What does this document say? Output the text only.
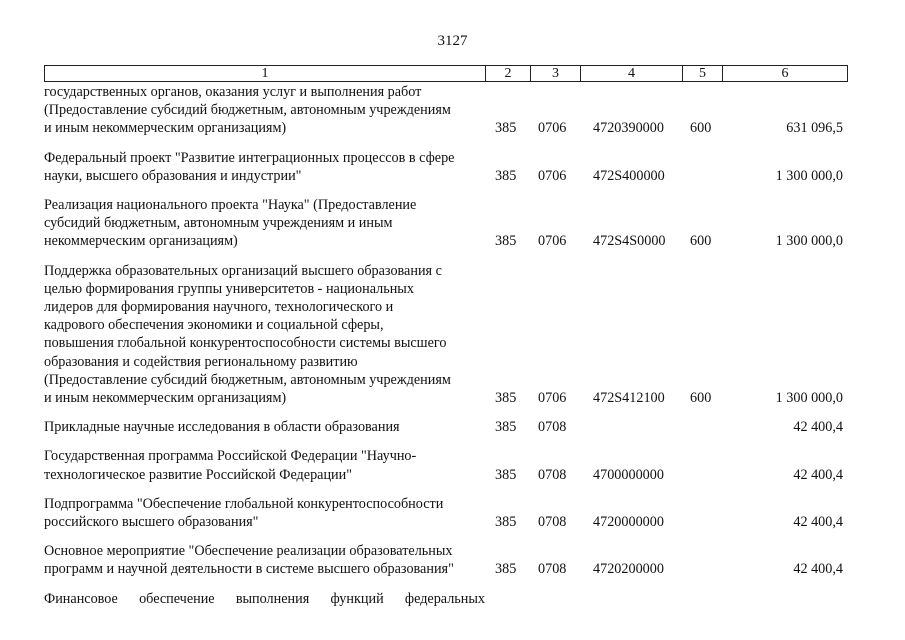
3127
1	2	3	4	5	6
государственных органов, оказания услуг и выполнения работ
(Предоставление субсидий бюджетным, автономным учреждениям
и иным некоммерческим организациям)	385 0706 4720390000 600	631 096,5
Федеральный проект "Развитие интеграционных процессов в сфере
науки, высшего образования и индустрии"	385 0706 472S400000	1 300 000,0
Реализация национального проекта "Наука" (Предоставление
субсидий бюджетным, автономным учреждениям и иным
некоммерческим организациям)	385 0706 472S4S0000 600	1 300 000,0
Поддержка образовательных организаций высшего образования с
целью формирования группы университетов - национальных
лидеров для формирования научного, технологического и
кадрового обеспечения экономики и социальной сферы,
повышения глобальной конкурентоспособности системы высшего
образования и содействия региональному развитию
(Предоставление субсидий бюджетным, автономным учреждениям
и иным некоммерческим организациям)	385 0706 472S412100 600	1 300 000,0
Прикладные научные исследования в области образования	385 0708	42 400,4
Государственная программа Российской Федерации "Научно-
технологическое развитие Российской Федерации"	385 0708 4700000000	42 400,4
Подпрограмма "Обеспечение глобальной конкурентоспособности
российского высшего образования"	385 0708 4720000000	42 400,4
Основное мероприятие "Обеспечение реализации образовательных
программ и научной деятельности в системе высшего образования"	385 0708 4720200000	42 400,4
Финансовое обеспечение выполнения функций федеральных
